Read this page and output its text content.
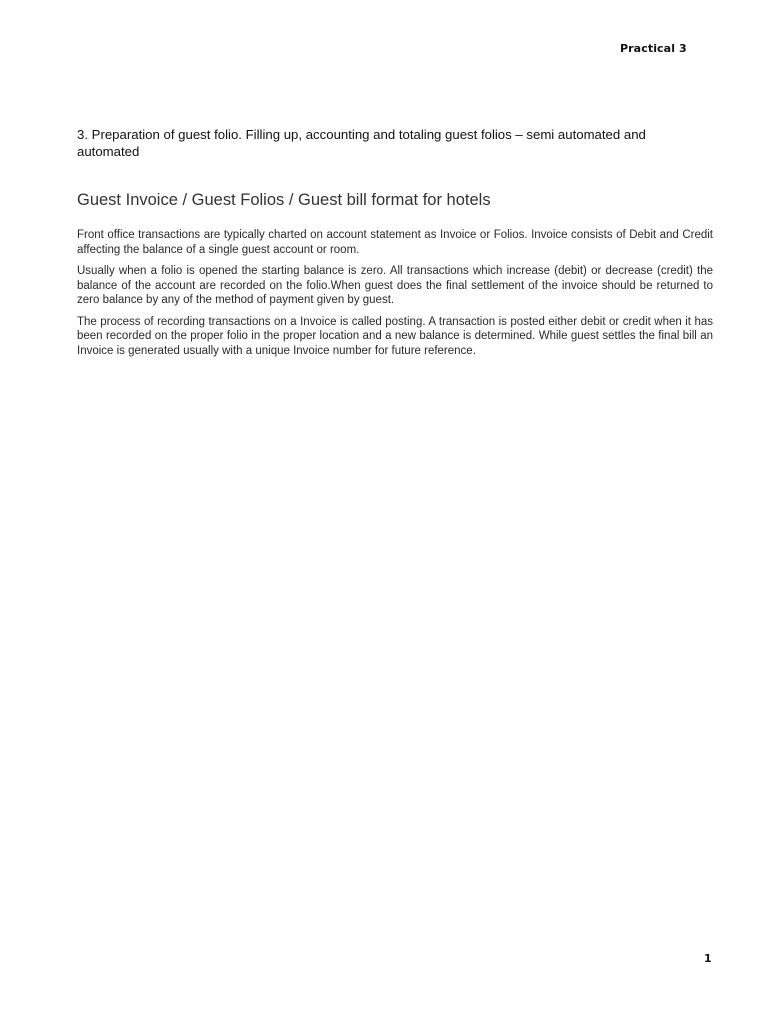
Practical 3
3. Preparation of guest folio. Filling up, accounting and totaling guest folios – semi automated and automated
Guest Invoice / Guest Folios / Guest bill format for hotels

Front office transactions are typically charted on account statement as Invoice or Folios. Invoice consists of Debit and Credit affecting the balance of a single guest account or room.

Usually when a folio is opened the starting balance is zero. All transactions which increase (debit) or decrease (credit) the balance of the account are recorded on the folio.When guest does the final settlement of the invoice should be returned to zero balance by any of the method of payment given by guest.

The process of recording transactions on a Invoice is called posting. A transaction is posted either debit or credit when it has been recorded on the proper folio in the proper location and a new balance is determined. While guest settles the final bill an Invoice is generated usually with a unique Invoice number for future reference.

1
